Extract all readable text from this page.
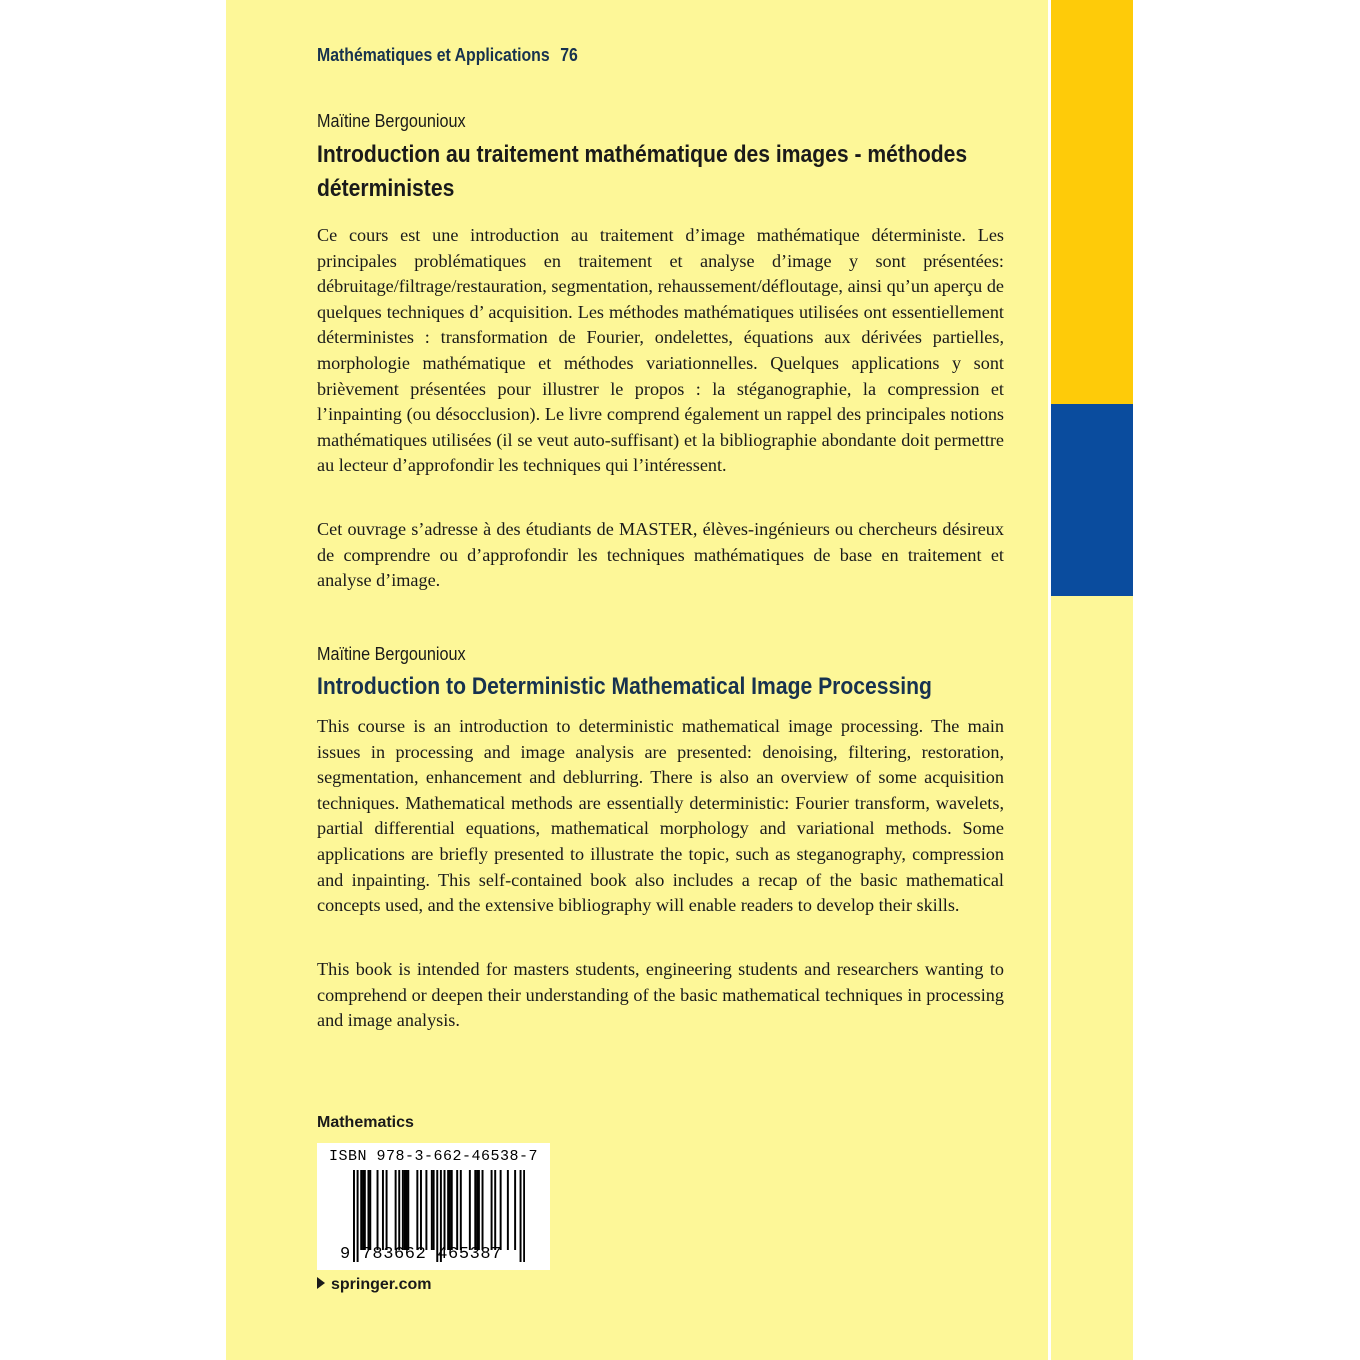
Mathématiques et Applications 76
Maïtine Bergounioux
Introduction au traitement mathématique des images - méthodes déterministes
Ce cours est une introduction au traitement d’image mathématique déterministe. Les principales problématiques en traitement et analyse d’image y sont présentées: débruitage/filtrage/restauration, segmentation, rehaussement/défloutage, ainsi qu’un aperçu de quelques techniques d’ acquisition. Les méthodes mathématiques utilisées ont essentiellement déterministes : transformation de Fourier, ondelettes, équations aux dérivées partielles, morphologie mathématique et méthodes variationnelles. Quelques applications y sont brièvement présentées pour illustrer le propos : la stéganographie, la compression et l’inpainting (ou désocclusion). Le livre comprend également un rappel des principales notions mathématiques utilisées (il se veut auto-suffisant) et la bibliographie abondante doit permettre au lecteur d’approfondir les techniques qui l’intéressent.
Cet ouvrage s’adresse à des étudiants de MASTER, élèves-ingénieurs ou chercheurs désireux de comprendre ou d’approfondir les techniques mathématiques de base en traitement et analyse d’image.
Maïtine Bergounioux
Introduction to Deterministic Mathematical Image Processing
This course is an introduction to deterministic mathematical image processing. The main issues in processing and image analysis are presented: denoising, filtering, restoration, segmentation, enhancement and deblurring. There is also an overview of some acquisition techniques. Mathematical methods are essentially deterministic: Fourier transform, wavelets, partial differential equations, mathematical morphology and variational methods. Some applications are briefly presented to illustrate the topic, such as steganography, compression and inpainting. This self-contained book also includes a recap of the basic mathematical concepts used, and the extensive bibliography will enable readers to develop their skills.
This book is intended for masters students, engineering students and researchers wanting to comprehend or deepen their understanding of the basic mathematical techniques in processing and image analysis.
Mathematics
ISBN 978-3-662-46538-7
9 783662 465387
springer.com
